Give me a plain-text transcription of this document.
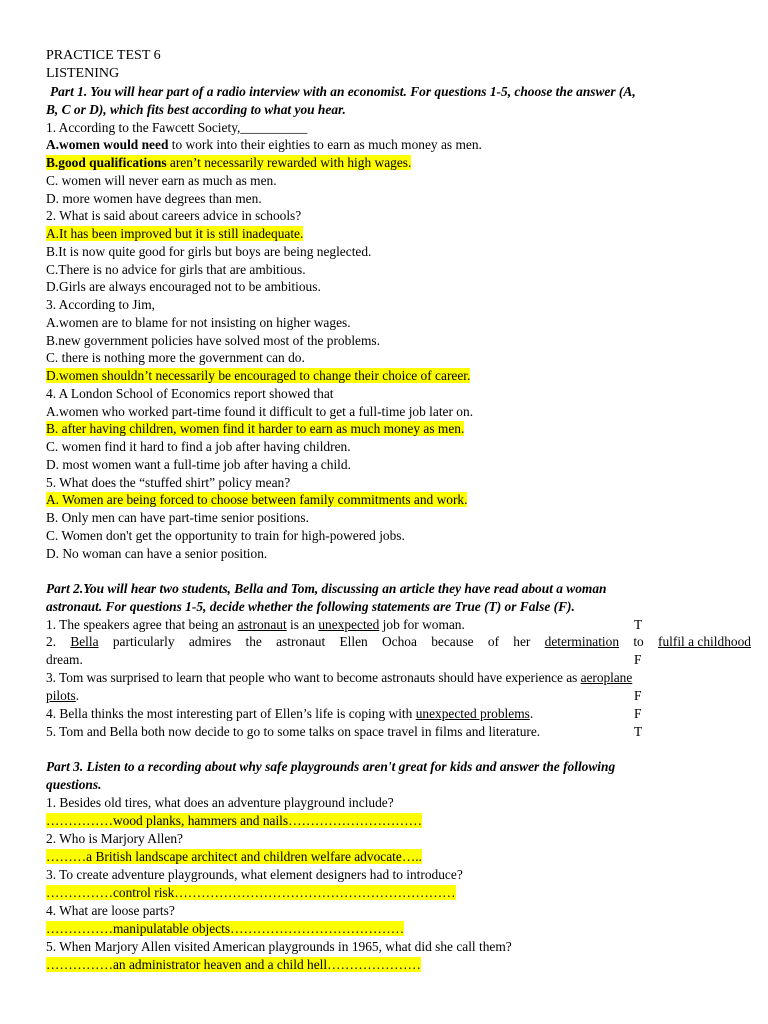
PRACTICE TEST 6
LISTENING
Part 1. You will hear part of a radio interview with an economist. For questions 1-5, choose the answer (A,
B, C or D), which fits best according to what you hear.
1. According to the Fawcett Society,__________
A.women would need to work into their eighties to earn as much money as men.
B.good qualifications aren’t necessarily rewarded with high wages.
C. women will never earn as much as men.
D. more women have degrees than men.
2. What is said about careers advice in schools?
A.It has been improved but it is still inadequate.
B.It is now quite good for girls but boys are being neglected.
C.There is no advice for girls that are ambitious.
D.Girls are always encouraged not to be ambitious.
3. According to Jim,
A.women are to blame for not insisting on higher wages.
B.new government policies have solved most of the problems.
C. there is nothing more the government can do.
D.women shouldn’t necessarily be encouraged to change their choice of career.
4. A London School of Economics report showed that
A.women who worked part-time found it difficult to get a full-time job later on.
B. after having children, women find it harder to earn as much money as men.
C. women find it hard to find a job after having children.
D. most women want a full-time job after having a child.
5. What does the “stuffed shirt” policy mean?
A. Women are being forced to choose between family commitments and work.
B. Only men can have part-time senior positions.
C. Women don't get the opportunity to train for high-powered jobs.
D. No woman can have a senior position.
Part 2.You will hear two students, Bella and Tom, discussing an article they have read about a woman
astronaut. For questions 1-5, decide whether the following statements are True (T) or False (F).
1. The speakers agree that being an astronaut is an unexpected job for woman.	T
2. Bella particularly admires the astronaut Ellen Ochoa because of her determination to fulfil a childhood
dream.	F
3. Tom was surprised to learn that people who want to become astronauts should have experience as aeroplane
pilots.	F
4. Bella thinks the most interesting part of Ellen’s life is coping with unexpected problems.	F
5. Tom and Bella both now decide to go to some talks on space travel in films and literature.	T
Part 3. Listen to a recording about why safe playgrounds aren't great for kids and answer the following
questions.
1. Besides old tires, what does an adventure playground include?
……………wood planks, hammers and nails…………………………
2. Who is Marjory Allen?
………a British landscape architect and children welfare advocate…..
3. To create adventure playgrounds, what element designers had to introduce?
……………control risk………………………………………………………
4. What are loose parts?
……………manipulatable objects…………………………………
5. When Marjory Allen visited American playgrounds in 1965, what did she call them?
……………an administrator heaven and a child hell…………………
